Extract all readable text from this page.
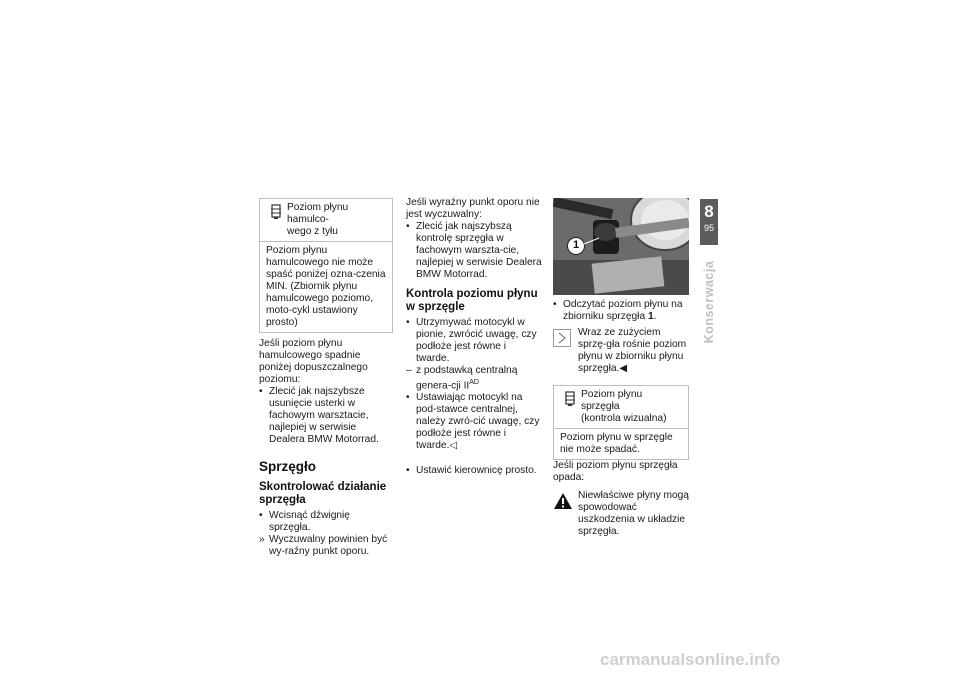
Poziom płynu hamulco-
wego z tyłu
Poziom płynu hamulcowego nie może spaść poniżej ozna-czenia MIN. (Zbiornik płynu hamulcowego poziomo, moto-cykl ustawiony prosto)

Jeśli poziom płynu hamulcowego spadnie poniżej dopuszczalnego poziomu:

• Zlecić jak najszybsze usunięcie usterki w fachowym warsztacie, najlepiej w serwisie Dealera BMW Motorrad.
Sprzęgło
Skontrolować działanie sprzęgła
• Wcisnąć dźwignię sprzęgła.
» Wyczuwalny powinien być wy-raźny punkt oporu.

Jeśli wyraźny punkt oporu nie jest wyczuwalny:

• Zlecić jak najszybszą kontrolę sprzęgła w fachowym warszta-cie, najlepiej w serwisie Dealera BMW Motorrad.
Kontrola poziomu płynu w sprzęgle
• Utrzymywać motocykl w pionie, zwrócić uwagę, czy podłoże jest równe i twarde.
– z podstawką centralną genera-cji $II^{AD}$
• Ustawiając motocykl na pod-stawce centralnej, należy zwró-cić uwagę, czy podłoże jest równe i twarde.◁
• Ustawić kierownicę prosto.
1
• Odczytać poziom płynu na zbiorniku sprzęgła 1.
Wraz ze zużyciem sprzę-gła rośnie poziom płynu w zbiorniku płynu sprzęgła.◀
Poziom płynu sprzęgła
(kontrola wizualna)
Poziom płynu w sprzęgle nie może spadać.

Jeśli poziom płynu sprzęgła opada:

Niewłaściwe płyny mogą spowodować uszkodzenia w układzie sprzęgła.
8
95
Konserwacja
carmanualsonline.info
